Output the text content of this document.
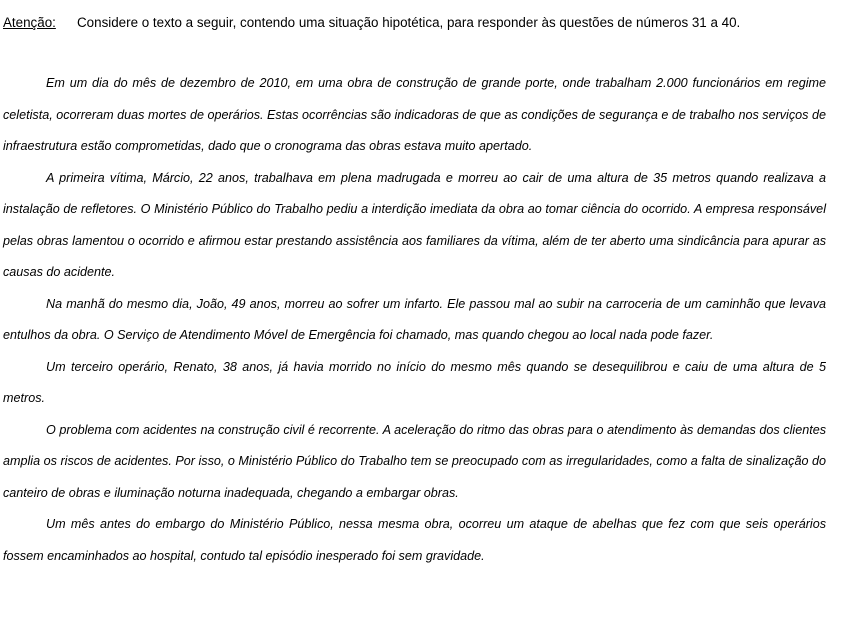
Atenção: Considere o texto a seguir, contendo uma situação hipotética, para responder às questões de números 31 a 40.

Em um dia do mês de dezembro de 2010, em uma obra de construção de grande porte, onde trabalham 2.000 funcionários em regime celetista, ocorreram duas mortes de operários. Estas ocorrências são indicadoras de que as condições de segurança e de trabalho nos serviços de infraestrutura estão comprometidas, dado que o cronograma das obras estava muito apertado.

A primeira vítima, Márcio, 22 anos, trabalhava em plena madrugada e morreu ao cair de uma altura de 35 metros quando realizava a instalação de refletores. O Ministério Público do Trabalho pediu a interdição imediata da obra ao tomar ciência do ocorrido. A empresa responsável pelas obras lamentou o ocorrido e afirmou estar prestando assistência aos familiares da vítima, além de ter aberto uma sindicância para apurar as causas do acidente.

Na manhã do mesmo dia, João, 49 anos, morreu ao sofrer um infarto. Ele passou mal ao subir na carroceria de um caminhão que levava entulhos da obra. O Serviço de Atendimento Móvel de Emergência foi chamado, mas quando chegou ao local nada pode fazer.

Um terceiro operário, Renato, 38 anos, já havia morrido no início do mesmo mês quando se desequilibrou e caiu de uma altura de 5 metros.

O problema com acidentes na construção civil é recorrente. A aceleração do ritmo das obras para o atendimento às demandas dos clientes amplia os riscos de acidentes. Por isso, o Ministério Público do Trabalho tem se preocupado com as irregularidades, como a falta de sinalização do canteiro de obras e iluminação noturna inadequada, chegando a embargar obras.

Um mês antes do embargo do Ministério Público, nessa mesma obra, ocorreu um ataque de abelhas que fez com que seis operários fossem encaminhados ao hospital, contudo tal episódio inesperado foi sem gravidade.
